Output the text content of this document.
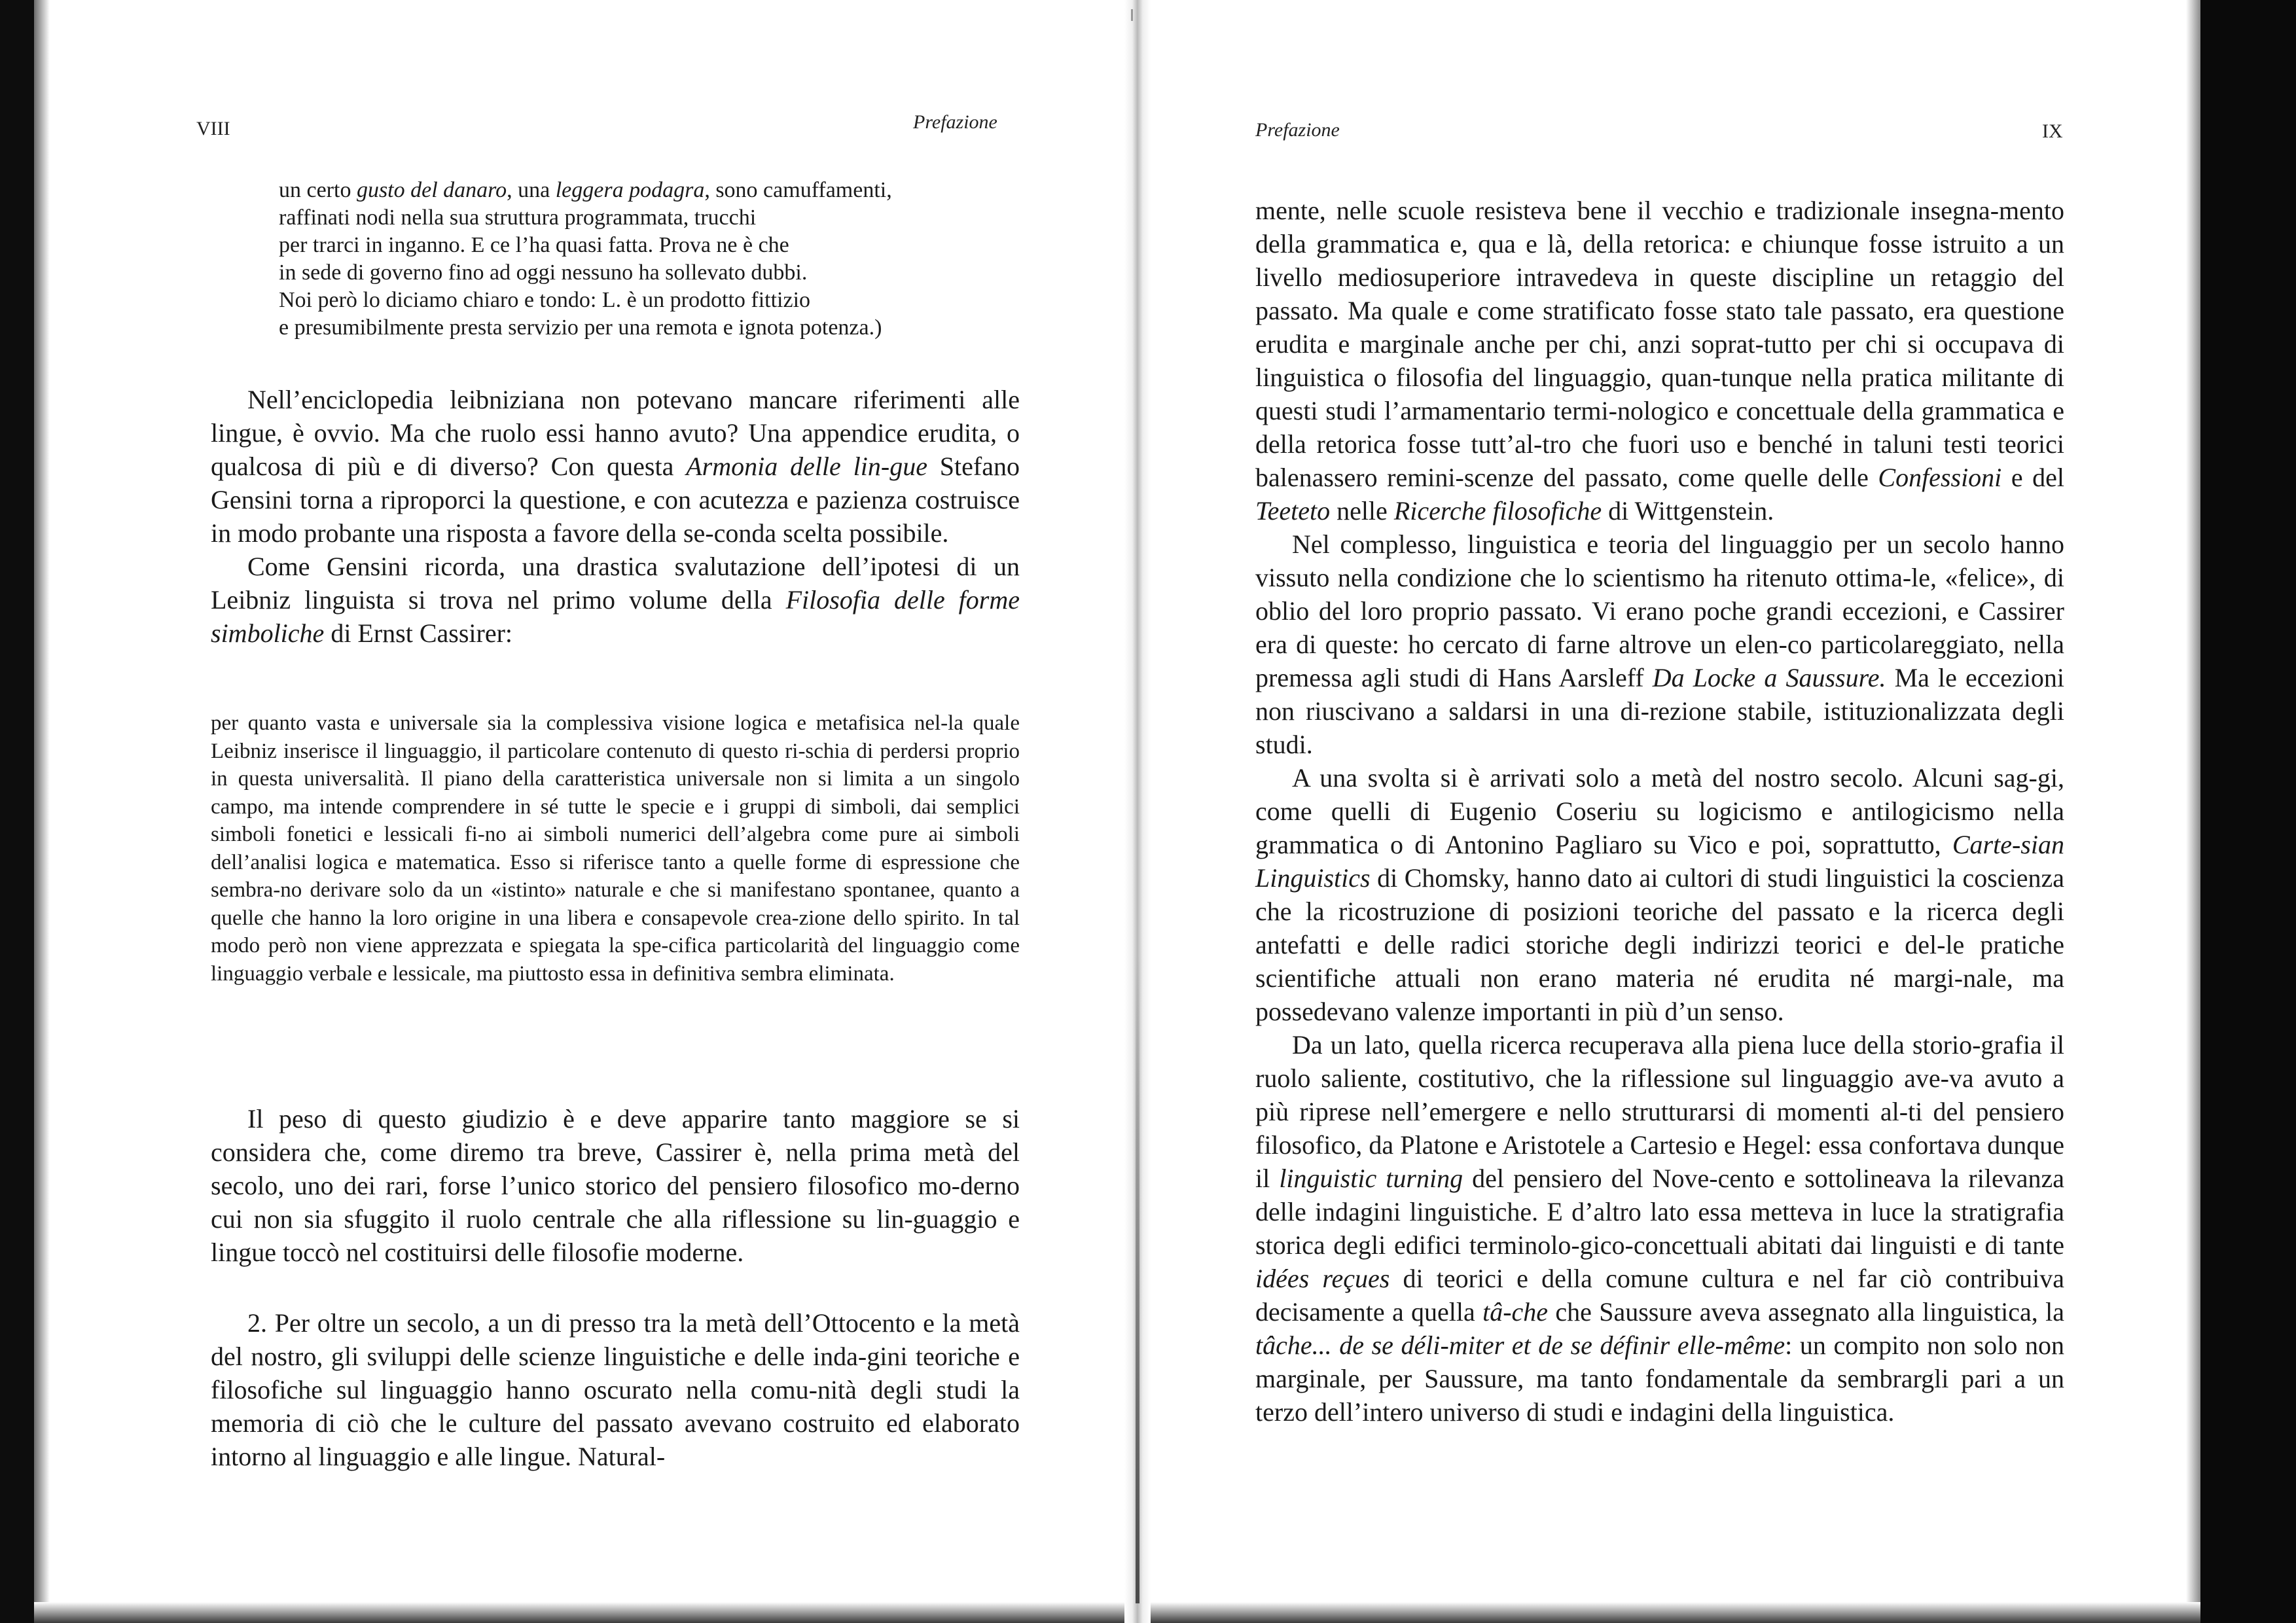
VIII	Prefazione
un certo gusto del danaro, una leggera podagra, sono camuffamenti,
raffinati nodi nella sua struttura programmata, trucchi
per trarci in inganno. E ce l’ha quasi fatta. Prova ne è che
in sede di governo fino ad oggi nessuno ha sollevato dubbi.
Noi però lo diciamo chiaro e tondo: L. è un prodotto fittizio
e presumibilmente presta servizio per una remota e ignota potenza.)

Nell’enciclopedia leibniziana non potevano mancare riferimenti alle lingue, è ovvio. Ma che ruolo essi hanno avuto? Una appendice erudita, o qualcosa di più e di diverso? Con questa Armonia delle lin-gue Stefano Gensini torna a riproporci la questione, e con acutezza e pazienza costruisce in modo probante una risposta a favore della se-conda scelta possibile.

Come Gensini ricorda, una drastica svalutazione dell’ipotesi di un Leibniz linguista si trova nel primo volume della Filosofia delle forme simboliche di Ernst Cassirer:

per quanto vasta e universale sia la complessiva visione logica e metafisica nel-la quale Leibniz inserisce il linguaggio, il particolare contenuto di questo ri-schia di perdersi proprio in questa universalità. Il piano della caratteristica universale non si limita a un singolo campo, ma intende comprendere in sé tutte le specie e i gruppi di simboli, dai semplici simboli fonetici e lessicali fi-no ai simboli numerici dell’algebra come pure ai simboli dell’analisi logica e matematica. Esso si riferisce tanto a quelle forme di espressione che sembra-no derivare solo da un «istinto» naturale e che si manifestano spontanee, quanto a quelle che hanno la loro origine in una libera e consapevole crea-zione dello spirito. In tal modo però non viene apprezzata e spiegata la spe-cifica particolarità del linguaggio come linguaggio verbale e lessicale, ma piuttosto essa in definitiva sembra eliminata.

Il peso di questo giudizio è e deve apparire tanto maggiore se si considera che, come diremo tra breve, Cassirer è, nella prima metà del secolo, uno dei rari, forse l’unico storico del pensiero filosofico mo-derno cui non sia sfuggito il ruolo centrale che alla riflessione su lin-guaggio e lingue toccò nel costituirsi delle filosofie moderne.

2. Per oltre un secolo, a un di presso tra la metà dell’Ottocento e la metà del nostro, gli sviluppi delle scienze linguistiche e delle inda-gini teoriche e filosofiche sul linguaggio hanno oscurato nella comu-nità degli studi la memoria di ciò che le culture del passato avevano costruito ed elaborato intorno al linguaggio e alle lingue. Natural-

Prefazione	IX

mente, nelle scuole resisteva bene il vecchio e tradizionale insegna-mento della grammatica e, qua e là, della retorica: e chiunque fosse istruito a un livello mediosuperiore intravedeva in queste discipline un retaggio del passato. Ma quale e come stratificato fosse stato tale passato, era questione erudita e marginale anche per chi, anzi soprat-tutto per chi si occupava di linguistica o filosofia del linguaggio, quan-tunque nella pratica militante di questi studi l’armamentario termi-nologico e concettuale della grammatica e della retorica fosse tutt’al-tro che fuori uso e benché in taluni testi teorici balenassero remini-scenze del passato, come quelle delle Confessioni e del Teeteto nelle Ricerche filosofiche di Wittgenstein.

Nel complesso, linguistica e teoria del linguaggio per un secolo hanno vissuto nella condizione che lo scientismo ha ritenuto ottima-le, «felice», di oblio del loro proprio passato. Vi erano poche grandi eccezioni, e Cassirer era di queste: ho cercato di farne altrove un elen-co particolareggiato, nella premessa agli studi di Hans Aarsleff Da Locke a Saussure. Ma le eccezioni non riuscivano a saldarsi in una di-rezione stabile, istituzionalizzata degli studi.

A una svolta si è arrivati solo a metà del nostro secolo. Alcuni sag-gi, come quelli di Eugenio Coseriu su logicismo e antilogicismo nella grammatica o di Antonino Pagliaro su Vico e poi, soprattutto, Carte-sian Linguistics di Chomsky, hanno dato ai cultori di studi linguistici la coscienza che la ricostruzione di posizioni teoriche del passato e la ricerca degli antefatti e delle radici storiche degli indirizzi teorici e del-le pratiche scientifiche attuali non erano materia né erudita né margi-nale, ma possedevano valenze importanti in più d’un senso.

Da un lato, quella ricerca recuperava alla piena luce della storio-grafia il ruolo saliente, costitutivo, che la riflessione sul linguaggio ave-va avuto a più riprese nell’emergere e nello strutturarsi di momenti al-ti del pensiero filosofico, da Platone e Aristotele a Cartesio e Hegel: essa confortava dunque il linguistic turning del pensiero del Nove-cento e sottolineava la rilevanza delle indagini linguistiche. E d’altro lato essa metteva in luce la stratigrafia storica degli edifici terminolo-gico-concettuali abitati dai linguisti e di tante idées reçues di teorici e della comune cultura e nel far ciò contribuiva decisamente a quella tâ-che che Saussure aveva assegnato alla linguistica, la tâche... de se déli-miter et de se définir elle-même: un compito non solo non marginale, per Saussure, ma tanto fondamentale da sembrargli pari a un terzo dell’intero universo di studi e indagini della linguistica.
